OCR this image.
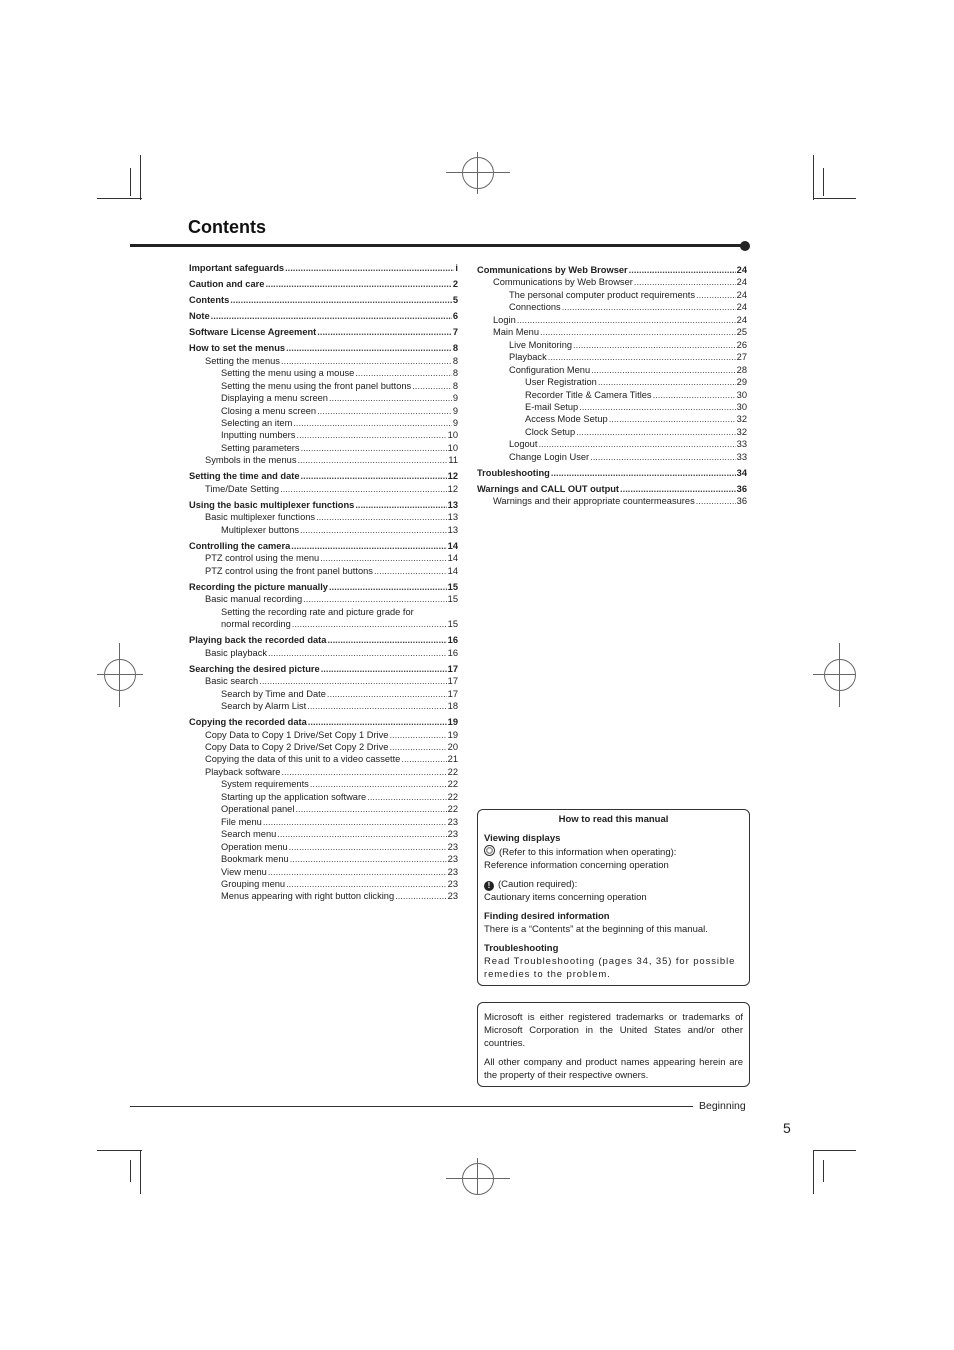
Contents
Important safeguards .....	i
Caution and care .....	2
Contents .....	5
Note .....	6
Software License Agreement .....	7
How to set the menus .....	8
Setting the menus .....	8
Setting the menu using a mouse .....	8
Setting the menu using the front panel buttons .....	8
Displaying a menu screen .....	9
Closing a menu screen .....	9
Selecting an item .....	9
Inputting numbers .....	10
Setting parameters .....	10
Symbols in the menus .....	11
Setting the time and date .....	12
Time/Date Setting .....	12
Using the basic multiplexer functions .....	13
Basic multiplexer functions .....	13
Multiplexer buttons .....	13
Controlling the camera .....	14
PTZ control using the menu .....	14
PTZ control using the front panel buttons .....	14
Recording the picture manually .....	15
Basic manual recording .....	15
Setting the recording rate and picture grade for
normal recording .....	15
Playing back the recorded data .....	16
Basic playback .....	16
Searching the desired picture .....	17
Basic search .....	17
Search by Time and Date .....	17
Search by Alarm List .....	18
Copying the recorded data .....	19
Copy Data to Copy 1 Drive/Set Copy 1 Drive .....	19
Copy Data to Copy 2 Drive/Set Copy 2 Drive .....	20
Copying the data of this unit to a video cassette .....	21
Playback software .....	22
System requirements .....	22
Starting up the application software .....	22
Operational panel .....	22
File menu .....	23
Search menu .....	23
Operation menu .....	23
Bookmark menu .....	23
View menu .....	23
Grouping menu .....	23
Menus appearing with right button clicking .....	23
Communications by Web Browser .....	24
Communications by Web Browser .....	24
The personal computer product requirements .....	24
Connections .....	24
Login .....	24
Main Menu .....	25
Live Monitoring .....	26
Playback .....	27
Configuration Menu .....	28
User Registration .....	29
Recorder Title & Camera Titles .....	30
E-mail Setup .....	30
Access Mode Setup .....	32
Clock Setup .....	32
Logout .....	33
Change Login User .....	33
Troubleshooting .....	34
Warnings and CALL OUT output .....	36
Warnings and their appropriate countermeasures .....	36
How to read this manual
Viewing displays
(Refer to this information when operating):
Reference information concerning operation
! (Caution required):
Cautionary items concerning operation
Finding desired information
There is a “Contents” at the beginning of this manual.
Troubleshooting
Read Troubleshooting (pages 34, 35) for possible remedies to the problem.
Microsoft is either registered trademarks or trademarks of Microsoft Corporation in the United States and/or other countries.
All other company and product names appearing herein are the property of their respective owners.
Beginning
5
